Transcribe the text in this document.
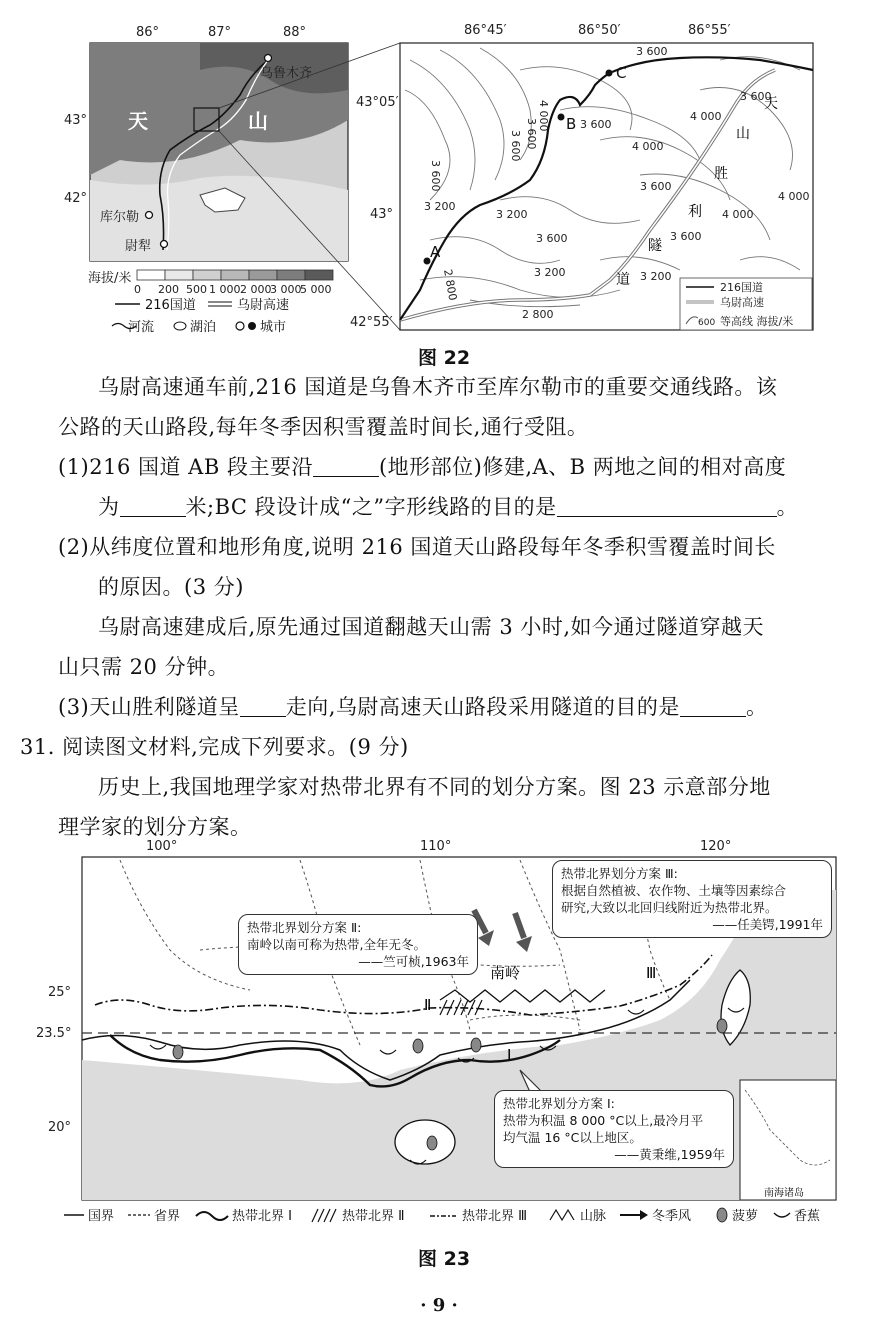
乌鲁木齐
库尔勒
尉犁
天	山
86°	87°	88°
43°
42°
海拔/米
0 200 500 1 000 2 000
3 000
5 000
216国道	乌尉高速
河流	湖泊	城市
A
B
C
3 600
4 000	3 600
4 000
3 600 3 600	4 000
3 600
3 200
3 200
3 600	3 600
4 000
4 000
3 600	3 600
3 200
2 800	3 200
2 800
天
山
胜
利
隧
道
86°45′	86°50′	86°55′
43°05′
43°
42°55′
216国道
乌尉高速
600 等高线 海拔/米
图 22
乌尉高速通车前,216 国道是乌鲁木齐市至库尔勒市的重要交通线路。该
公路的天山路段,每年冬季因积雪覆盖时间长,通行受阻。
(1)216 国道 AB 段主要沿	(地形部位)修建,A、B 两地之间的相对高度
为	米;BC 段设计成“之”字形线路的目的是	。
(2)从纬度位置和地形角度,说明 216 国道天山路段每年冬季积雪覆盖时间长
的原因。(3 分)
乌尉高速建成后,原先通过国道翻越天山需 3 小时,如今通过隧道穿越天
山只需 20 分钟。
(3)天山胜利隧道呈 走向,乌尉高速天山路段采用隧道的目的是	。
31. 阅读图文材料,完成下列要求。(9 分)
历史上,我国地理学家对热带北界有不同的划分方案。图 23 示意部分地
理学家的划分方案。
南岭
Ⅰ
Ⅱ
Ⅲ
南海诸岛
100°	110°	120°
25°
23.5°
20°
国界	省界	热带北界 Ⅰ	热带北界 Ⅱ	热带北界 Ⅲ	山脉	冬季风	菠萝	香蕉
热带北界划分方案 Ⅱ:
南岭以南可称为热带,全年无冬。
——竺可桢,1963年
热带北界划分方案 Ⅲ:
根据自然植被、农作物、土壤等因素综合
研究,大致以北回归线附近为热带北界。
——任美锷,1991年
热带北界划分方案 Ⅰ:
热带为积温 8 000 °C以上,最冷月平
均气温 16 °C以上地区。
——黄秉维,1959年
图 23
· 9 ·
